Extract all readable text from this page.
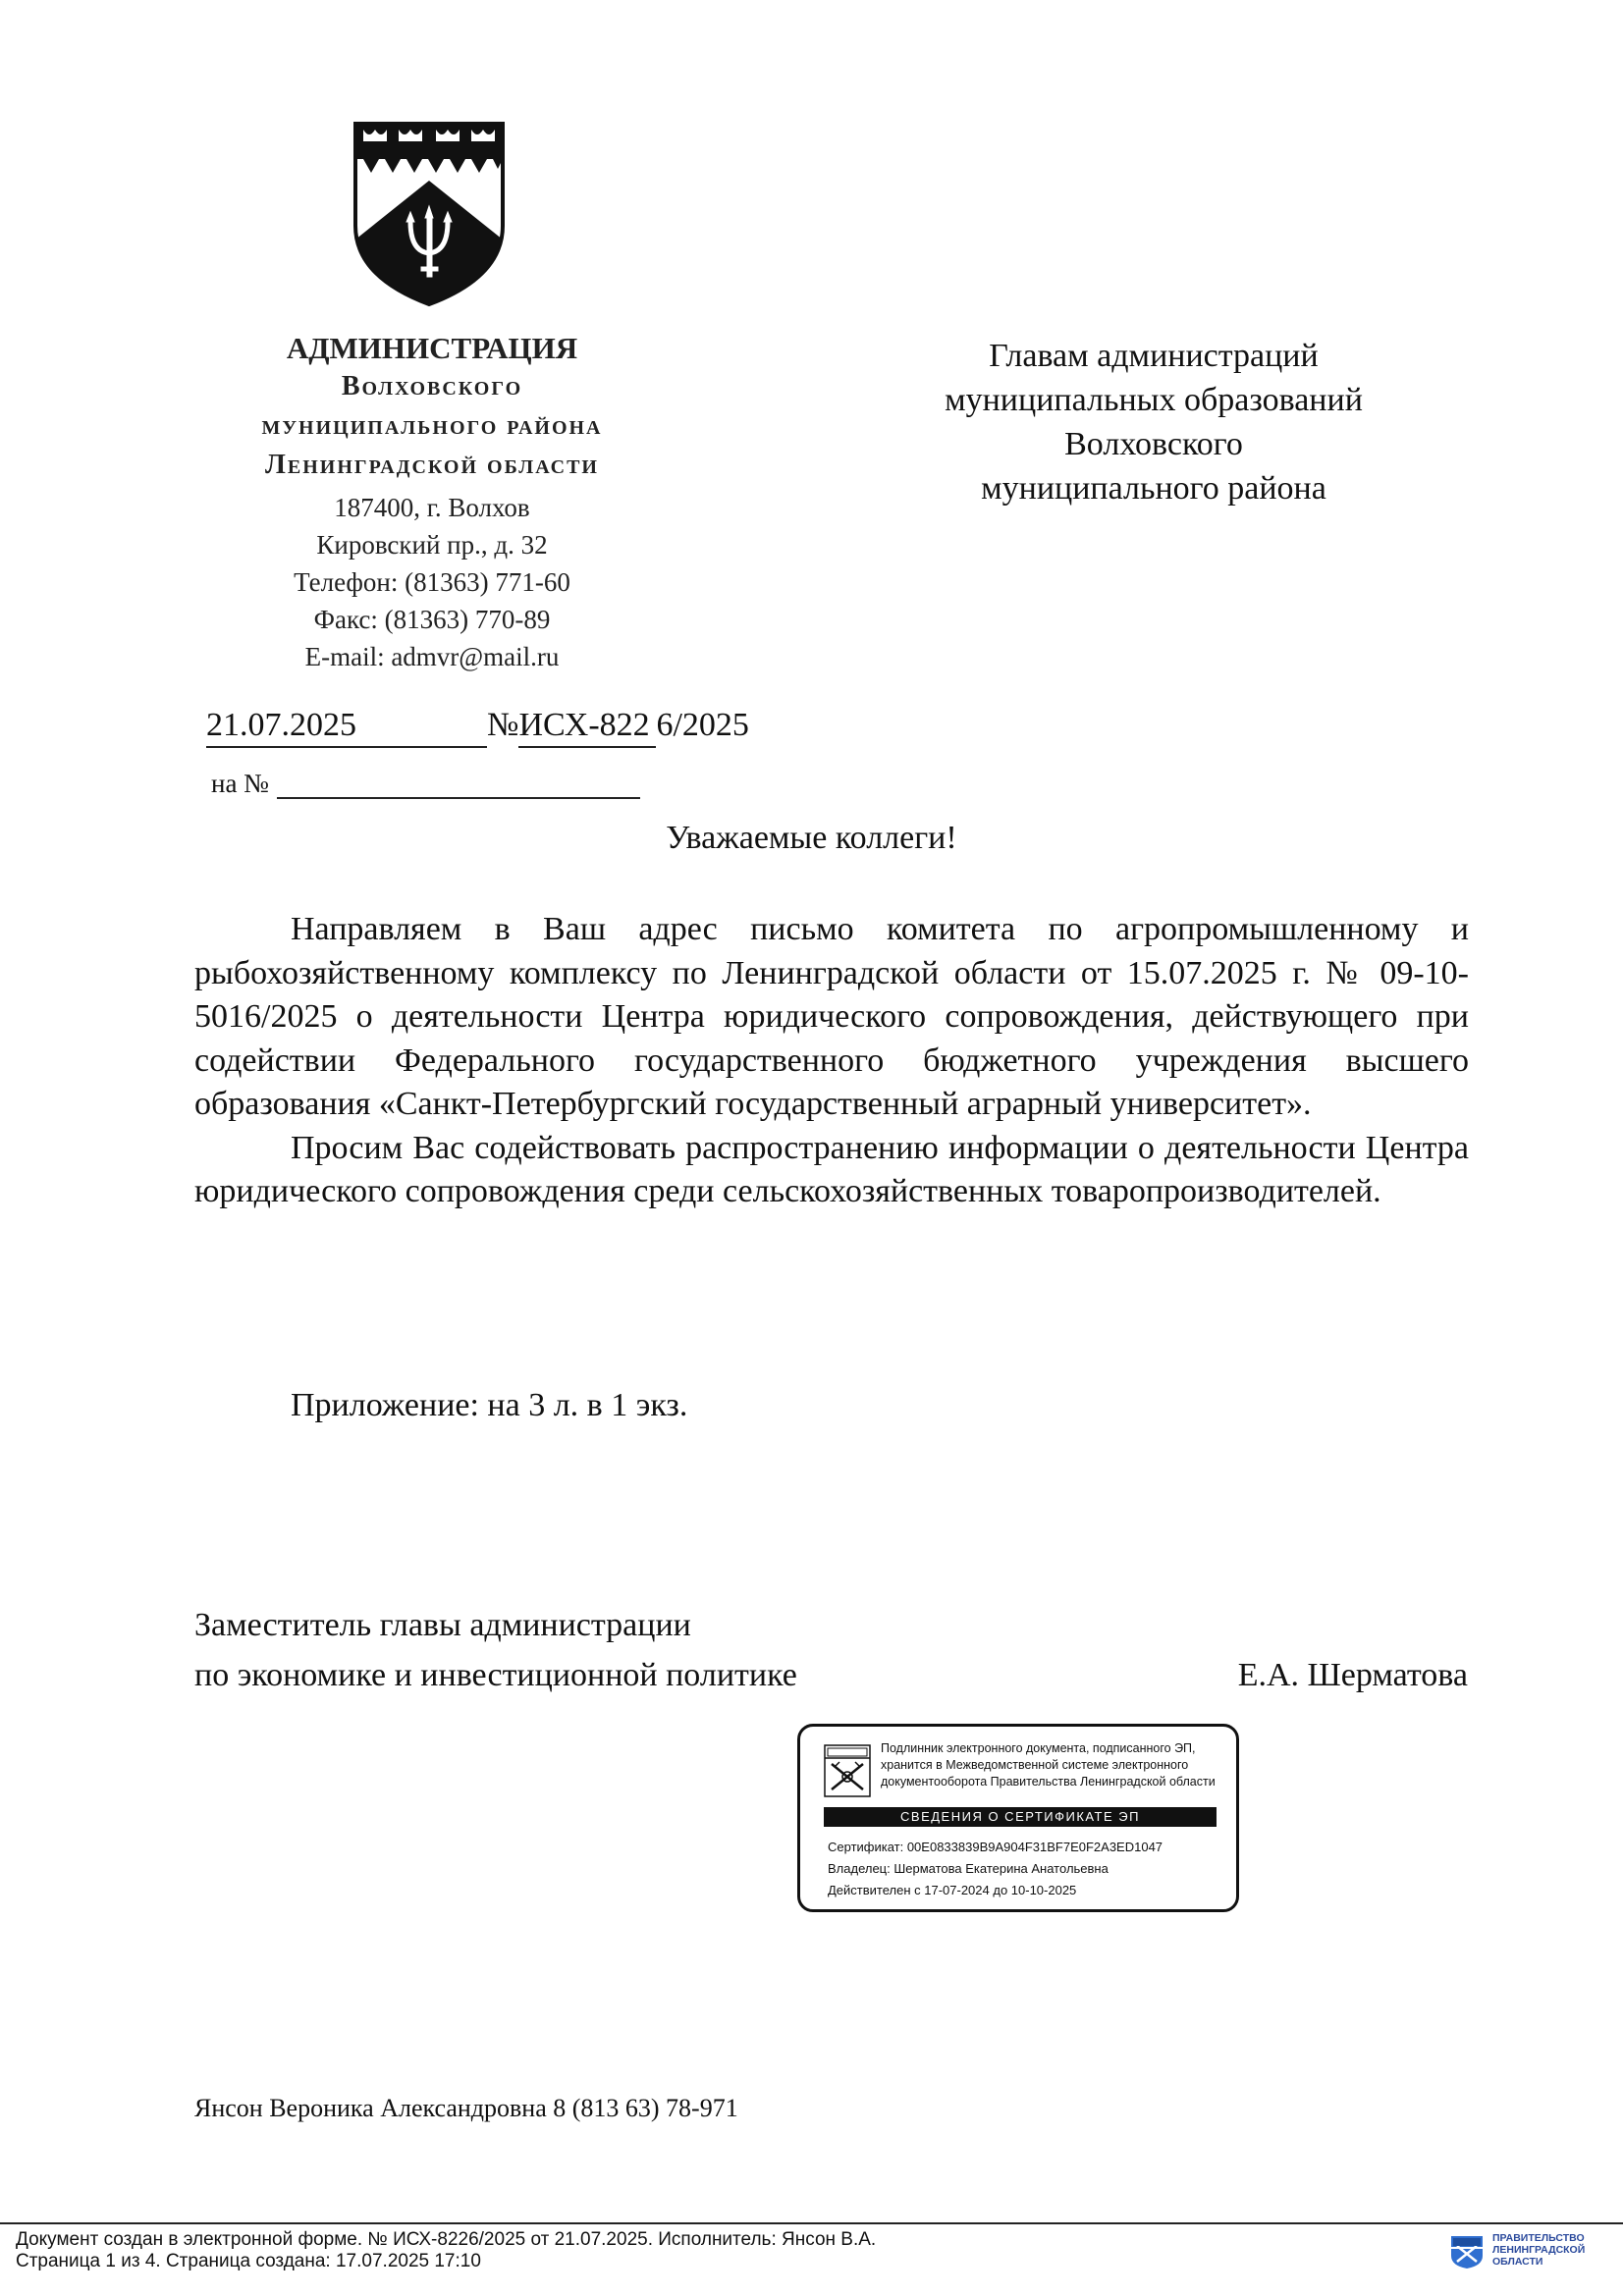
АДМИНИСТРАЦИЯ
Волховского
муниципального района
Ленинградской области
187400, г. Волхов
Кировский пр., д. 32
Телефон: (81363) 771-60
Факс: (81363) 770-89
E-mail: admvr@mail.ru
Главам администраций
муниципальных образований
Волховского
муниципального района
21.07.2025	№ИСХ-822 6/2025
на №
Уважаемые коллеги!

Направляем в Ваш адрес письмо комитета по агропромышленному и рыбохозяйственному комплексу по Ленинградской области от 15.07.2025 г. № 09-10-5016/2025 о деятельности Центра юридического сопровождения, действующего при содействии Федерального государственного бюджетного учреждения высшего образования «Санкт-Петербургский государственный аграрный университет».

Просим Вас содействовать распространению информации о деятельности Центра юридического сопровождения среди сельскохозяйственных товаропроизводителей.

Приложение: на 3 л. в 1 экз.
Заместитель главы администрации
по экономике и инвестиционной политике	Е.А. Шерматова
Подлинник электронного документа, подписанного ЭП, хранится в Межведомственной системе электронного документооборота Правительства Ленинградской области
СВЕДЕНИЯ О СЕРТИФИКАТЕ ЭП
Сертификат: 00E0833839B9A904F31BF7E0F2A3ED1047
Владелец: Шерматова Екатерина Анатольевна
Действителен с 17-07-2024 до 10-10-2025
Янсон Вероника Александровна 8 (813 63) 78-971
Документ создан в электронной форме. № ИСХ-8226/2025 от 21.07.2025. Исполнитель: Янсон В.А.
Страница 1 из 4. Страница создана: 17.07.2025 17:10
ПРАВИТЕЛЬСТВО ЛЕНИНГРАДСКОЙ ОБЛАСТИ
